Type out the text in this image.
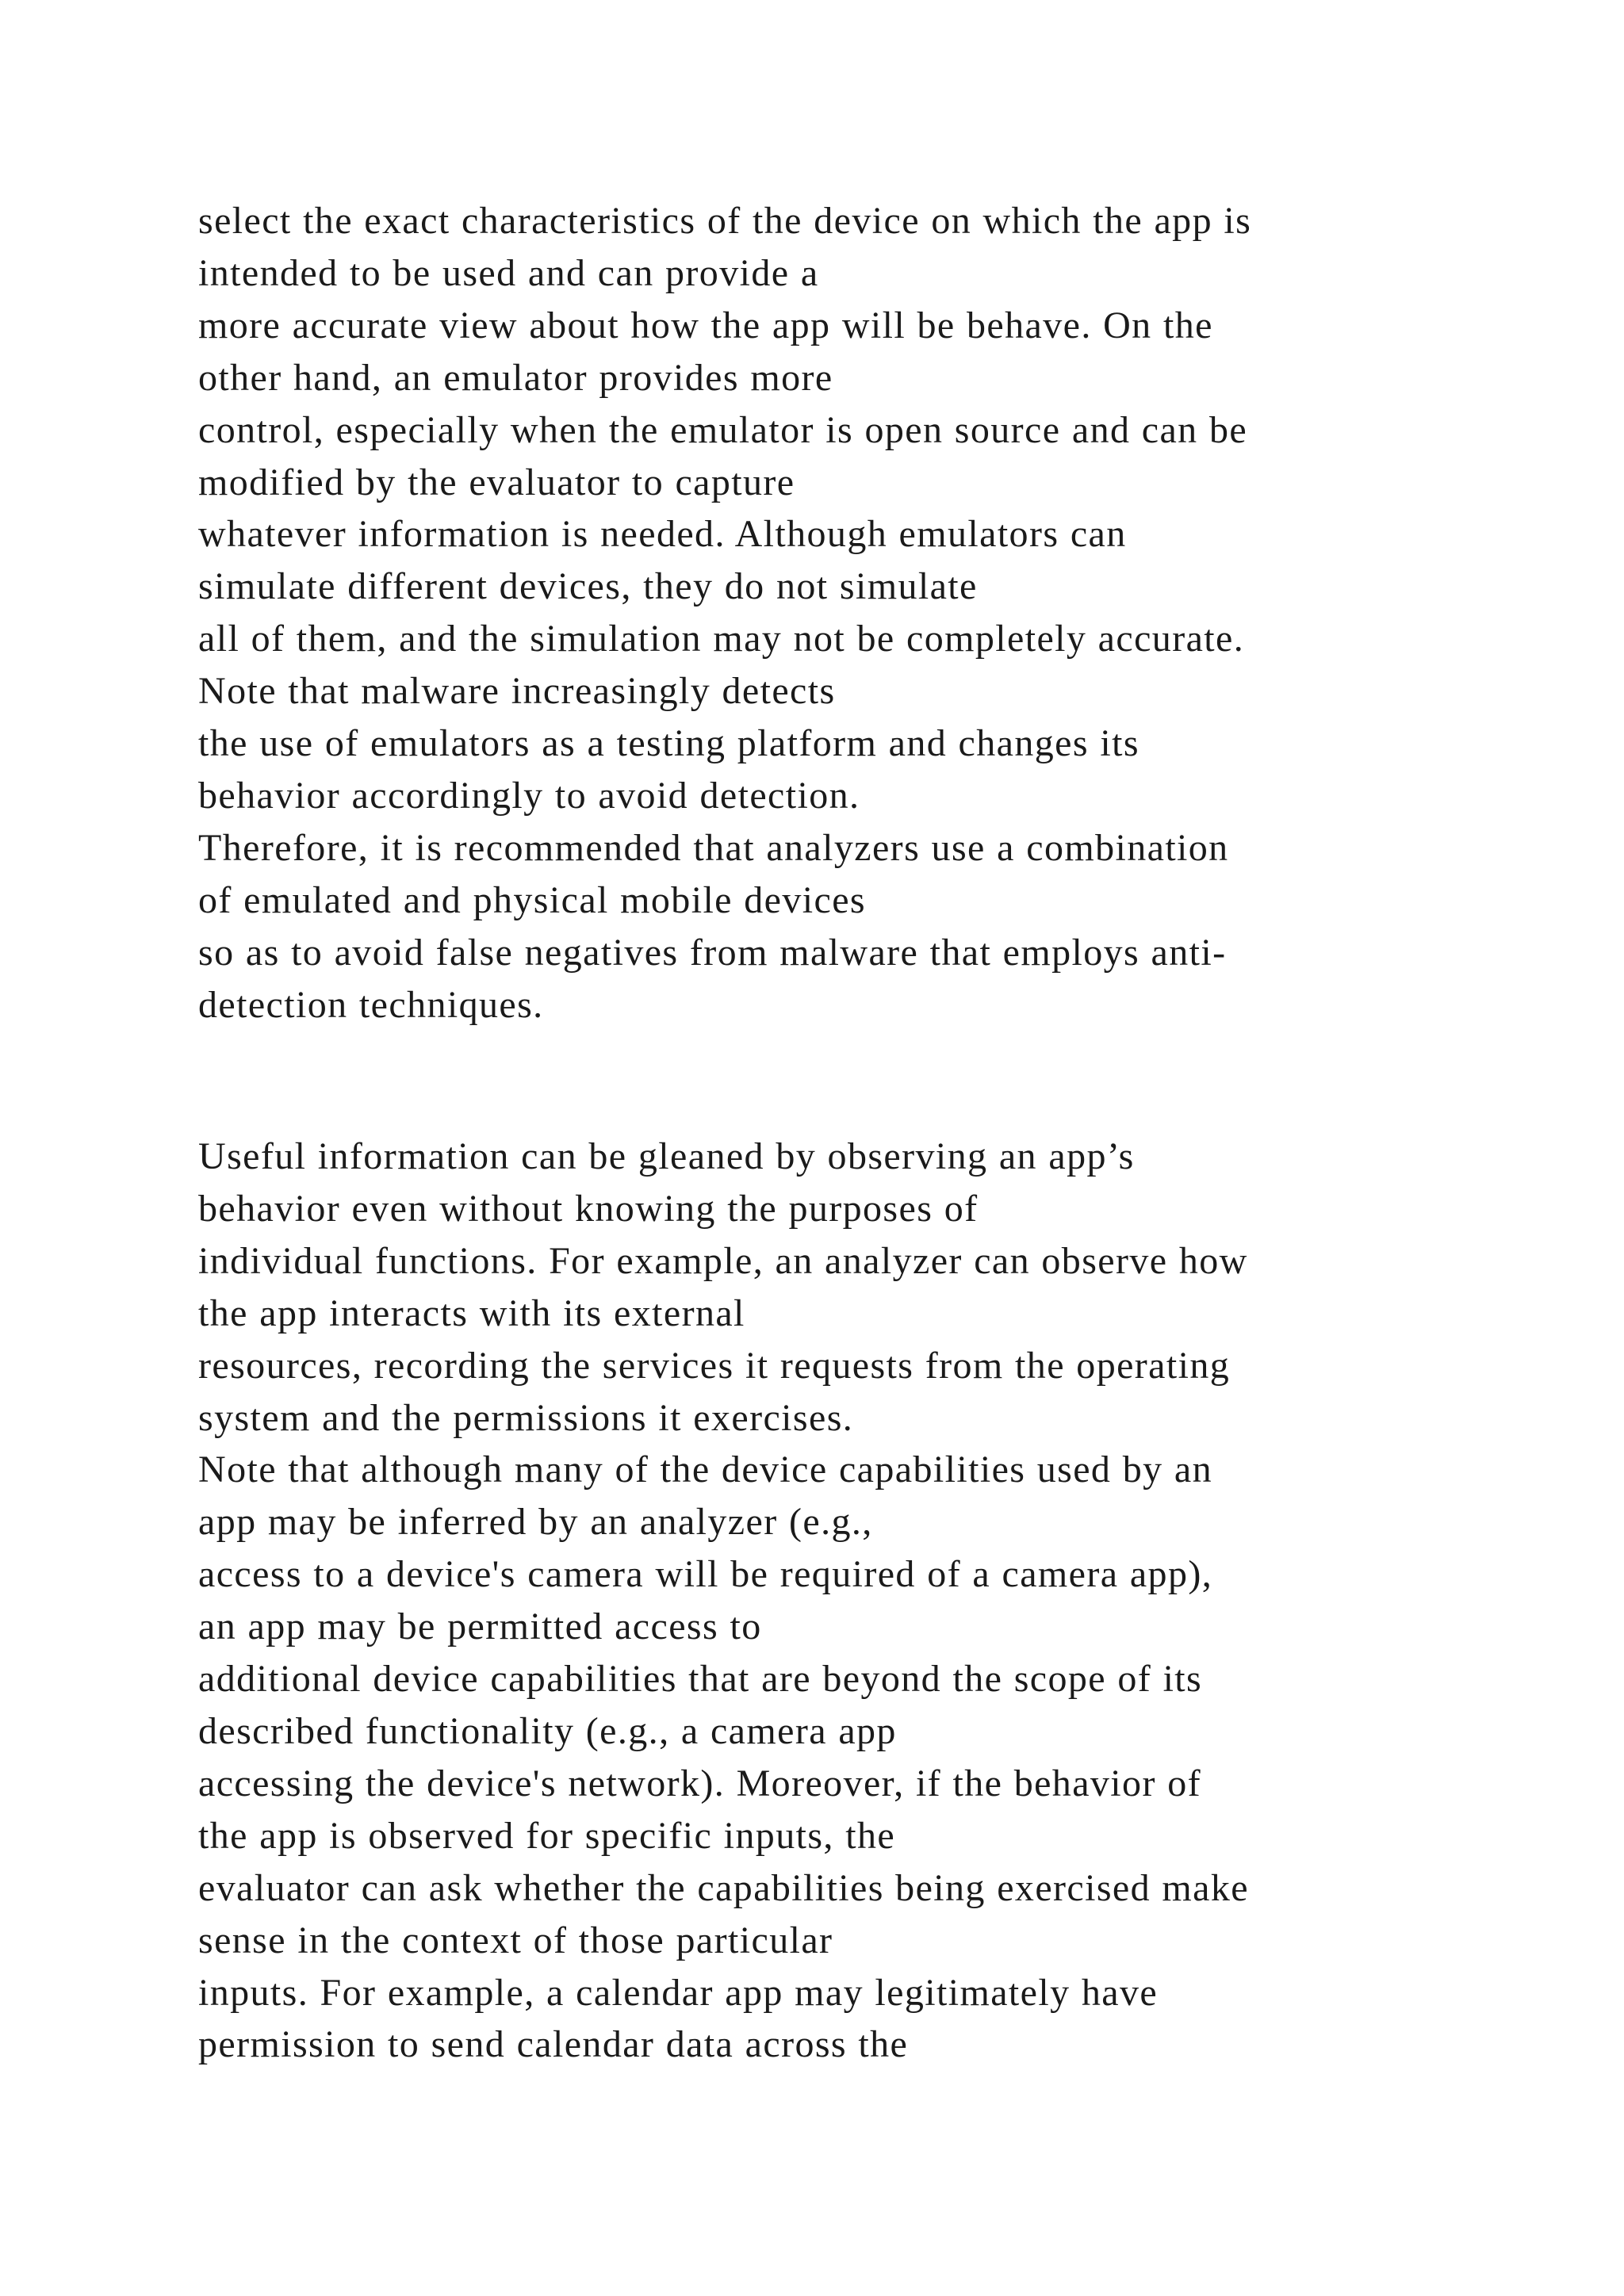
select the exact characteristics of the device on which the app is
intended to be used and can provide a
more accurate view about how the app will be behave. On the
other hand, an emulator provides more
control, especially when the emulator is open source and can be
modified by the evaluator to capture
whatever information is needed. Although emulators can
simulate different devices, they do not simulate
all of them, and the simulation may not be completely accurate.
Note that malware increasingly detects
the use of emulators as a testing platform and changes its
behavior accordingly to avoid detection.
Therefore, it is recommended that analyzers use a combination
of emulated and physical mobile devices
so as to avoid false negatives from malware that employs anti-
detection techniques.

Useful information can be gleaned by observing an app’s
behavior even without knowing the purposes of
individual functions. For example, an analyzer can observe how
the app interacts with its external
resources, recording the services it requests from the operating
system and the permissions it exercises.
Note that although many of the device capabilities used by an
app may be inferred by an analyzer (e.g.,
access to a device's camera will be required of a camera app),
an app may be permitted access to
additional device capabilities that are beyond the scope of its
described functionality (e.g., a camera app
accessing the device's network). Moreover, if the behavior of
the app is observed for specific inputs, the
evaluator can ask whether the capabilities being exercised make
sense in the context of those particular
inputs. For example, a calendar app may legitimately have
permission to send calendar data across the
